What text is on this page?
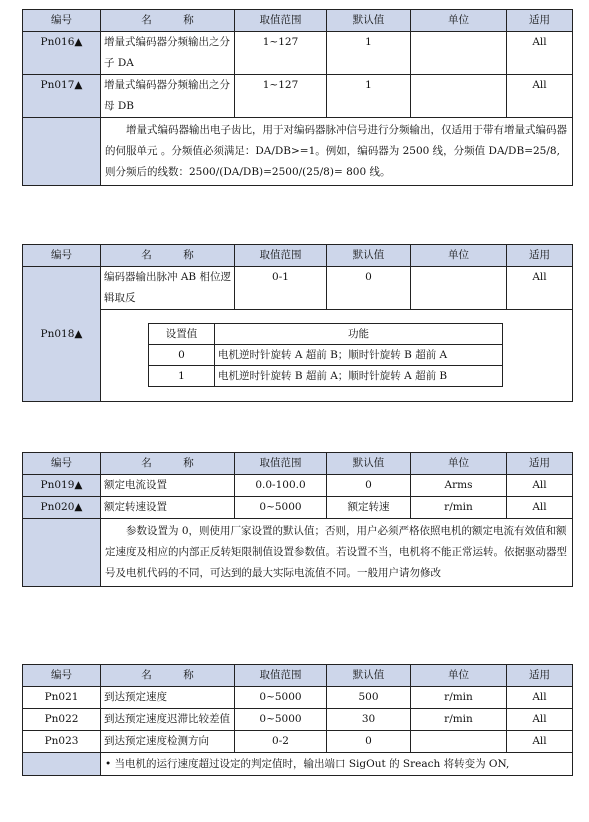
编号	名　　　称	取值范围	默认值	单位	适用
Pn016▲	增量式编码器分频输出之分子 DA	1~127	1		All
Pn017▲	增量式编码器分频输出之分母 DB	1~127	1		All
	增量式编码器输出电子齿比，用于对编码器脉冲信号进行分频输出，仅适用于带有增量式编码器的伺服单元 。分频值必须满足：DA/DB>=1。例如，编码器为 2500 线，分频值 DA/DB=25/8,则分频后的线数：2500/(DA/DB)=2500/(25/8)= 800 线。				
编号	名　　　称	取值范围	默认值	单位	适用
Pn018▲	编码器输出脉冲 AB 相位逻辑取反	0-1	0		All

设置值	功能
0	电机逆时针旋转 A 超前 B；顺时针旋转 B 超前 A
1	电机逆时针旋转 B 超前 A；顺时针旋转 A 超前 B
编号	名　　　称	取值范围	默认值	单位	适用
Pn019▲	额定电流设置	0.0-100.0	0	Arms	All
Pn020▲	额定转速设置	0~5000	额定转速	r/min	All
	参数设置为 0，则使用厂家设置的默认值；否则，用户必须严格依照电机的额定电流有效值和额定速度及相应的内部正反转矩限制值设置参数值。若设置不当，电机将不能正常运转。依据驱动器型号及电机代码的不同，可达到的最大实际电流值不同。一般用户请勿修改				
编号	名　　　称	取值范围	默认值	单位	适用
Pn021	到达预定速度	0~5000	500	r/min	All
Pn022	到达预定速度迟滞比较差值	0~5000	30	r/min	All
Pn023	到达预定速度检测方向	0-2	0		All
	• 当电机的运行速度超过设定的判定值时，输出端口 SigOut 的 Sreach 将转变为 ON,				
